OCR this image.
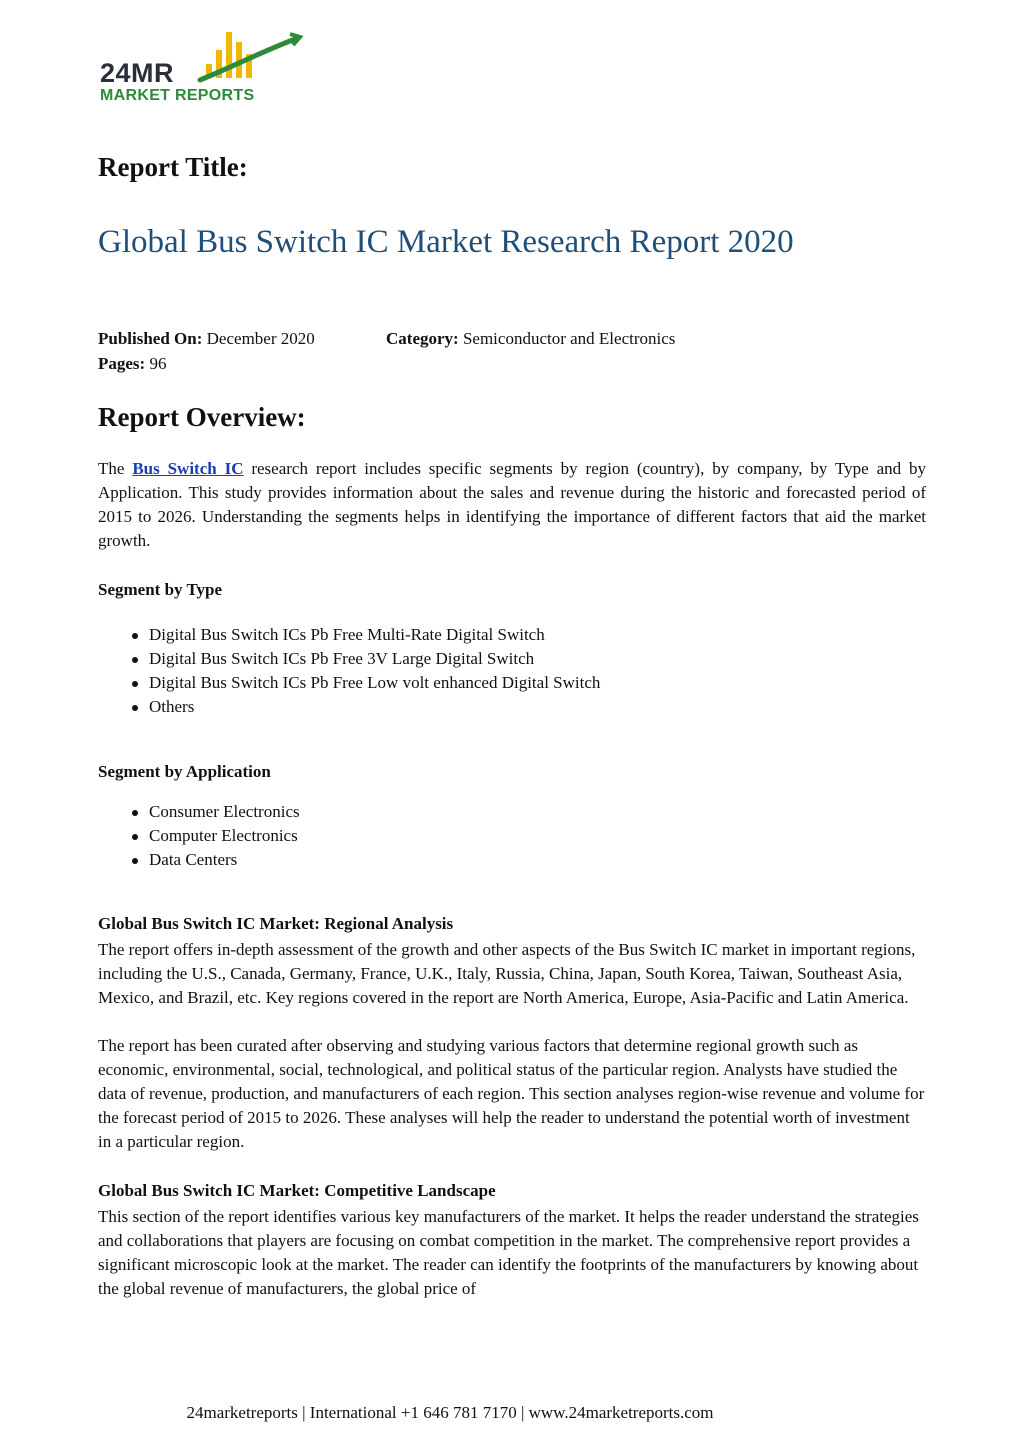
24MR
MARKET REPORTS
Report Title:
Global Bus Switch IC Market Research Report 2020
Published On: December 2020	Category: Semiconductor and Electronics
Pages: 96
Report Overview:

The Bus Switch IC research report includes specific segments by region (country), by company, by Type and by Application. This study provides information about the sales and revenue during the historic and forecasted period of 2015 to 2026. Understanding the segments helps in identifying the importance of different factors that aid the market growth.

Segment by Type
Digital Bus Switch ICs Pb Free Multi-Rate Digital Switch
Digital Bus Switch ICs Pb Free 3V Large Digital Switch
Digital Bus Switch ICs Pb Free Low volt enhanced Digital Switch
Others
Segment by Application
Consumer Electronics
Computer Electronics
Data Centers
Global Bus Switch IC Market: Regional Analysis

The report offers in-depth assessment of the growth and other aspects of the Bus Switch IC market in important regions, including the U.S., Canada, Germany, France, U.K., Italy, Russia, China, Japan, South Korea, Taiwan, Southeast Asia, Mexico, and Brazil, etc. Key regions covered in the report are North America, Europe, Asia-Pacific and Latin America.

The report has been curated after observing and studying various factors that determine regional growth such as economic, environmental, social, technological, and political status of the particular region. Analysts have studied the data of revenue, production, and manufacturers of each region. This section analyses region-wise revenue and volume for the forecast period of 2015 to 2026. These analyses will help the reader to understand the potential worth of investment in a particular region.

Global Bus Switch IC Market: Competitive Landscape

This section of the report identifies various key manufacturers of the market. It helps the reader understand the strategies and collaborations that players are focusing on combat competition in the market. The comprehensive report provides a significant microscopic look at the market. The reader can identify the footprints of the manufacturers by knowing about the global revenue of manufacturers, the global price of

24marketreports | International +1 646 781 7170 | www.24marketreports.com
